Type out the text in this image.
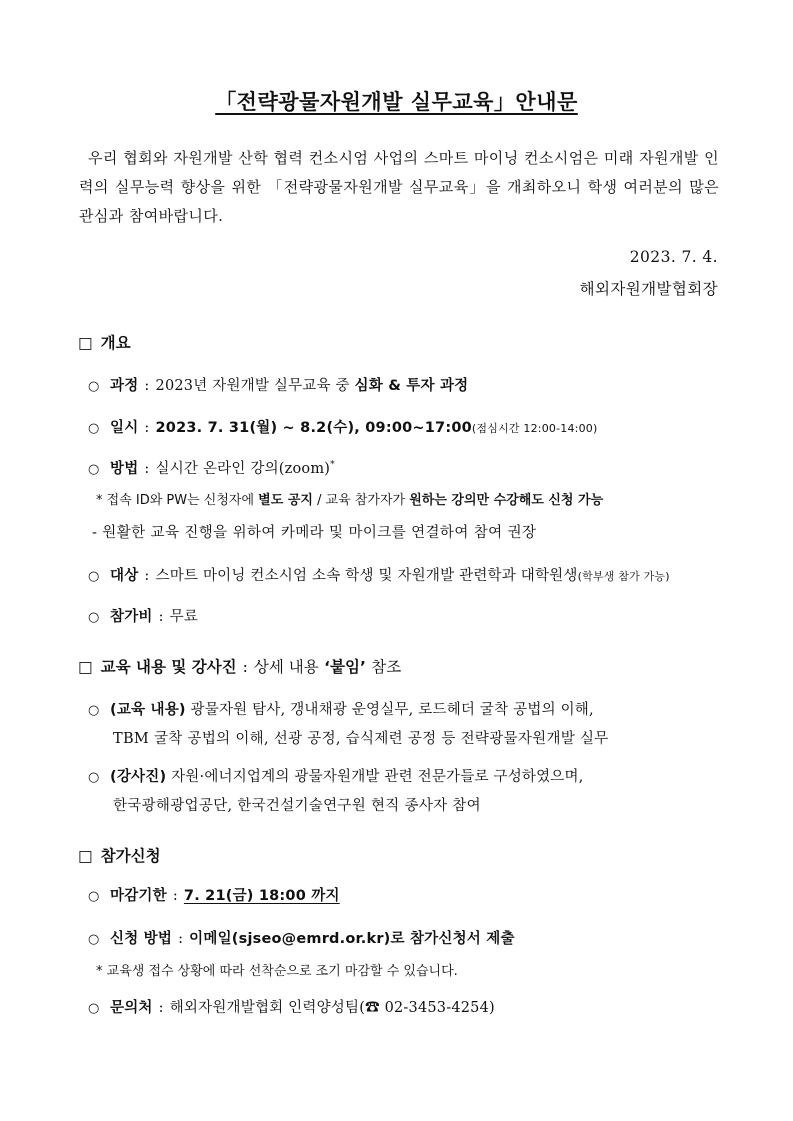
「전략광물자원개발 실무교육」안내문
우리 협회와 자원개발 산학 협력 컨소시엄 사업의 스마트 마이닝 컨소시엄은 미래 자원개발 인력의 실무능력 향상을 위한 「전략광물자원개발 실무교육」을 개최하오니 학생 여러분의 많은 관심과 참여바랍니다.
2023. 7. 4.
해외자원개발협회장
□ 개요
○ 과정 : 2023년 자원개발 실무교육 중 심화 & 투자 과정
○ 일시 : 2023. 7. 31(월) ~ 8.2(수), 09:00~17:00(점심시간 12:00-14:00)
○ 방법 : 실시간 온라인 강의(zoom)*
* 접속 ID와 PW는 신청자에 별도 공지 / 교육 참가자가 원하는 강의만 수강해도 신청 가능
- 원활한 교육 진행을 위하여 카메라 및 마이크를 연결하여 참여 권장
○ 대상 : 스마트 마이닝 컨소시엄 소속 학생 및 자원개발 관련학과 대학원생(학부생 참가 가능)
○ 참가비 : 무료
□ 교육 내용 및 강사진 : 상세 내용 ‘붙임’ 참조
○ (교육 내용) 광물자원 탐사, 갱내채광 운영실무, 로드헤더 굴착 공법의 이해,
TBM 굴착 공법의 이해, 선광 공정, 습식제련 공정 등 전략광물자원개발 실무
○ (강사진) 자원·에너지업계의 광물자원개발 관련 전문가들로 구성하였으며,
한국광해광업공단, 한국건설기술연구원 현직 종사자 참여
□ 참가신청
○ 마감기한 : 7. 21(금) 18:00 까지
○ 신청 방법 : 이메일(sjseo@emrd.or.kr)로 참가신청서 제출
* 교육생 접수 상황에 따라 선착순으로 조기 마감할 수 있습니다.
○ 문의처 : 해외자원개발협회 인력양성팀(☎ 02-3453-4254)
